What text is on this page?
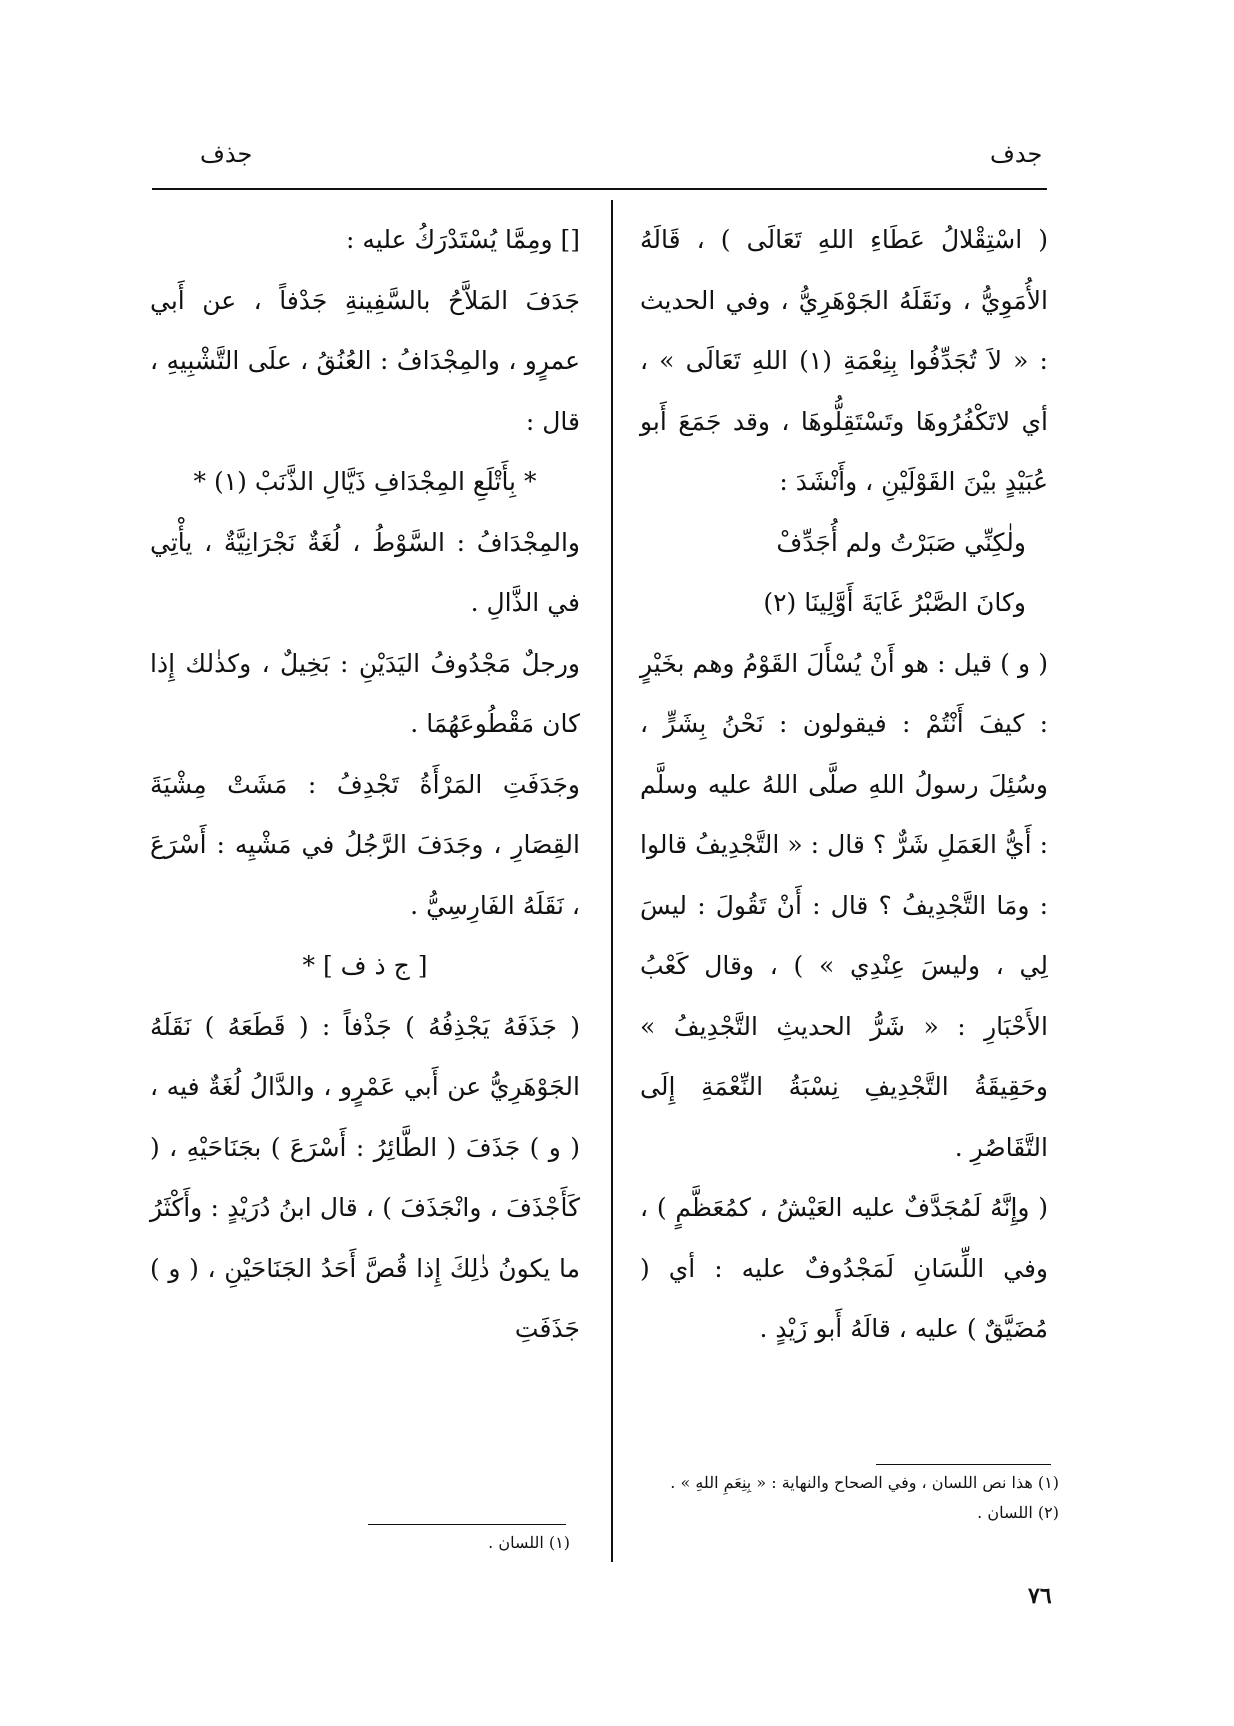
جدف
جذف

( اسْتِقْلالُ عَطَاءِ اللهِ تَعَالَى ) ، قَالَهُ الأُمَوِيُّ ، ونَقَلَهُ الجَوْهَرِيُّ ، وفي الحديث : « لاَ تُجَدِّفُوا بِنِعْمَةِ (١) اللهِ تَعَالَى » ، أي لاتَكْفُرُوهَا وتَسْتَقِلُّوهَا ، وقد جَمَعَ أَبو عُبَيْدٍ بيْنَ القَوْلَيْنِ ، وأَنْشَدَ :

ولٰكِنِّي صَبَرْتُ ولم أُجَدِّفْ

وكانَ الصَّبْرُ غَايَةَ أَوَّلِينَا (٢)

( و ) قيل : هو أَنْ يُسْأَلَ القَوْمُ وهم بخَيْرٍ : كيفَ أَنْتُمْ : فيقولون : نَحْنُ بِشَرٍّ ، وسُئِلَ رسولُ اللهِ صلَّى اللهُ عليه وسلَّم : أَيُّ العَمَلِ شَرٌّ ؟ قال : « التَّجْدِيفُ قالوا : ومَا التَّجْدِيفُ ؟ قال : أَنْ تَقُولَ : ليسَ لِي ، وليسَ عِنْدِي » ) ، وقال كَعْبُ الأَحْبَارِ : « شَرُّ الحديثِ التَّجْدِيفُ » وحَقِيقَةُ التَّجْدِيفِ نِسْبَةُ النِّعْمَةِ إِلَى التَّقَاصُرِ .

( وإِنَّهُ لَمُجَدَّفٌ عليه العَيْشُ ، كمُعَظَّمٍ ) ، وفي اللِّسَانِ لَمَجْدُوفٌ عليه : أي ( مُضَيَّقٌ ) عليه ، قالَهُ أَبو زَيْدٍ .

[] ومِمَّا يُسْتَدْرَكُ عليه :

جَدَفَ المَلاَّحُ بالسَّفِينةِ جَدْفاً ، عن أَبي عمرٍو ، والمِجْدَافُ : العُنُقُ ، علَى التَّشْبِيهِ ، قال :

* بِأَتْلَعِ المِجْدَافِ ذَيَّالِ الذَّنَبْ (١) *

والمِجْدَافُ : السَّوْطُ ، لُغَةٌ نَجْرَانِيَّةٌ ، يأْتِي في الذَّالِ .

ورجلٌ مَجْدُوفُ اليَدَيْنِ : بَخِيلٌ ، وكذٰلك إِذا كان مَقْطُوعَهُمَا .

وجَدَفَتِ المَرْأَةُ تَجْدِفُ : مَشَتْ مِشْيَةَ القِصَارِ ، وجَدَفَ الرَّجُلُ في مَشْيِه : أَسْرَعَ ، نَقَلَهُ الفَارِسِيُّ .

[ ج ذ ف ] *

( جَذَفَهُ يَجْذِفُهُ ) جَذْفاً : ( قَطَعَهُ ) نَقَلَهُ الجَوْهَرِيُّ عن أَبي عَمْرٍو ، والدَّالُ لُغَةٌ فيه ، ( و ) جَذَفَ ( الطَّائِرُ : أَسْرَعَ ) بجَنَاحَيْهِ ، ( كَأَجْذَفَ ، وانْجَذَفَ ) ، قال ابنُ دُرَيْدٍ : وأَكْثَرُ ما يكونُ ذٰلِكَ إِذا قُصَّ أَحَدُ الجَنَاحَيْنِ ، ( و ) جَذَفَتِ

(١) هذا نص اللسان ، وفي الصحاح والنهاية : « بِنِعَمِ اللهِ » .

(٢) اللسان .

(١) اللسان .

٧٦
